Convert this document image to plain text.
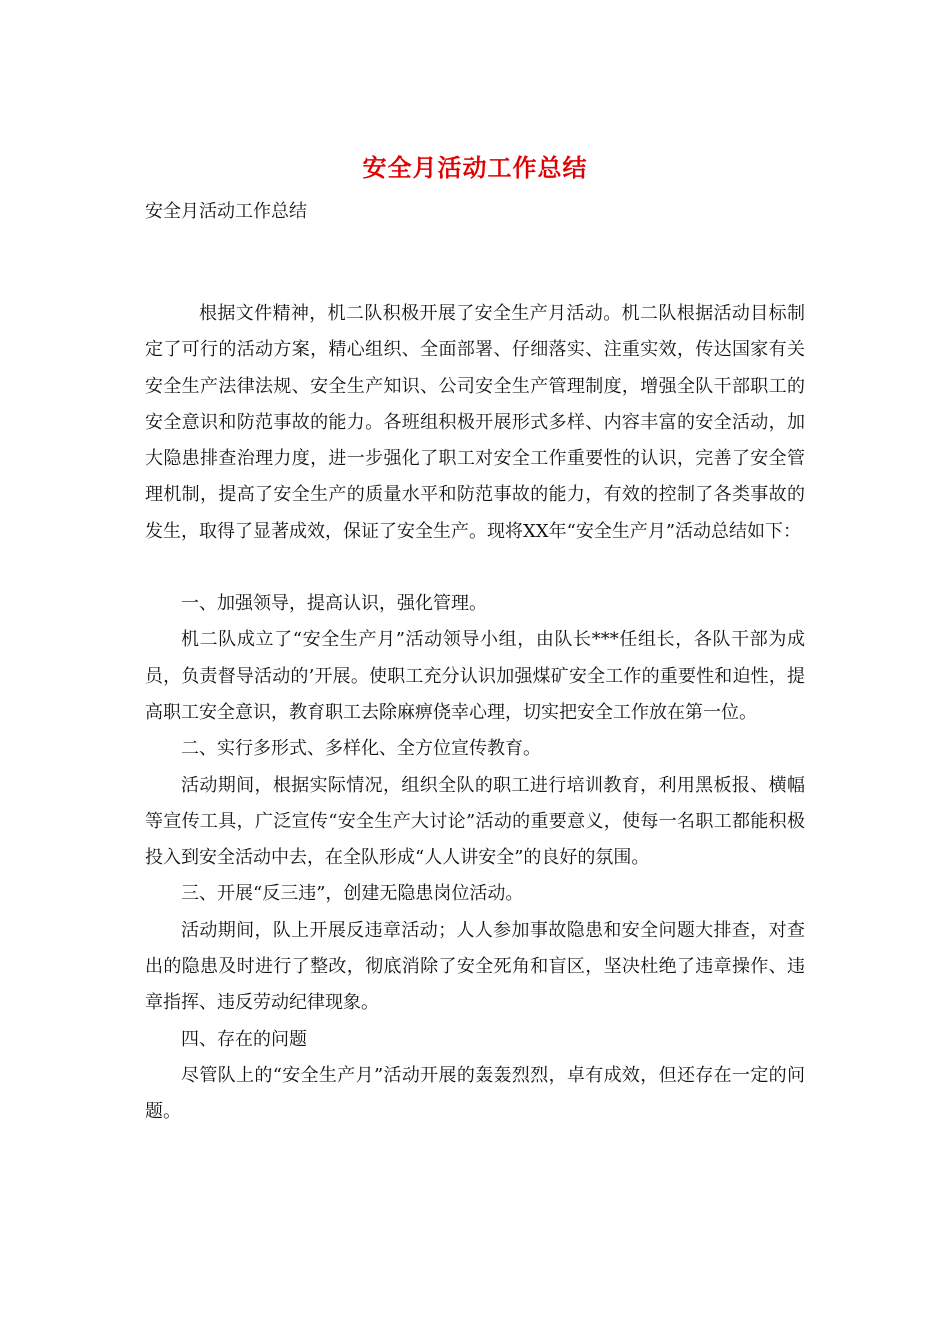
安全月活动工作总结
安全月活动工作总结

根据文件精神，机二队积极开展了安全生产月活动。机二队根据活动目标制定了可行的活动方案，精心组织、全面部署、仔细落实、注重实效，传达国家有关安全生产法律法规、安全生产知识、公司安全生产管理制度，增强全队干部职工的安全意识和防范事故的能力。各班组积极开展形式多样、内容丰富的安全活动，加大隐患排查治理力度，进一步强化了职工对安全工作重要性的认识，完善了安全管理机制，提高了安全生产的质量水平和防范事故的能力，有效的控制了各类事故的发生，取得了显著成效，保证了安全生产。现将XX年“安全生产月”活动总结如下：

一、加强领导，提高认识，强化管理。

机二队成立了“安全生产月”活动领导小组，由队长***任组长，各队干部为成员，负责督导活动的’开展。使职工充分认识加强煤矿安全工作的重要性和迫性，提高职工安全意识，教育职工去除麻痹侥幸心理，切实把安全工作放在第一位。

二、实行多形式、多样化、全方位宣传教育。

活动期间，根据实际情况，组织全队的职工进行培训教育，利用黑板报、横幅等宣传工具，广泛宣传“安全生产大讨论”活动的重要意义，使每一名职工都能积极投入到安全活动中去，在全队形成“人人讲安全”的良好的氛围。

三、开展“反三违”，创建无隐患岗位活动。

活动期间，队上开展反违章活动；人人参加事故隐患和安全问题大排查，对查出的隐患及时进行了整改，彻底消除了安全死角和盲区，坚决杜绝了违章操作、违章指挥、违反劳动纪律现象。

四、存在的问题

尽管队上的“安全生产月”活动开展的轰轰烈烈，卓有成效，但还存在一定的问题。
